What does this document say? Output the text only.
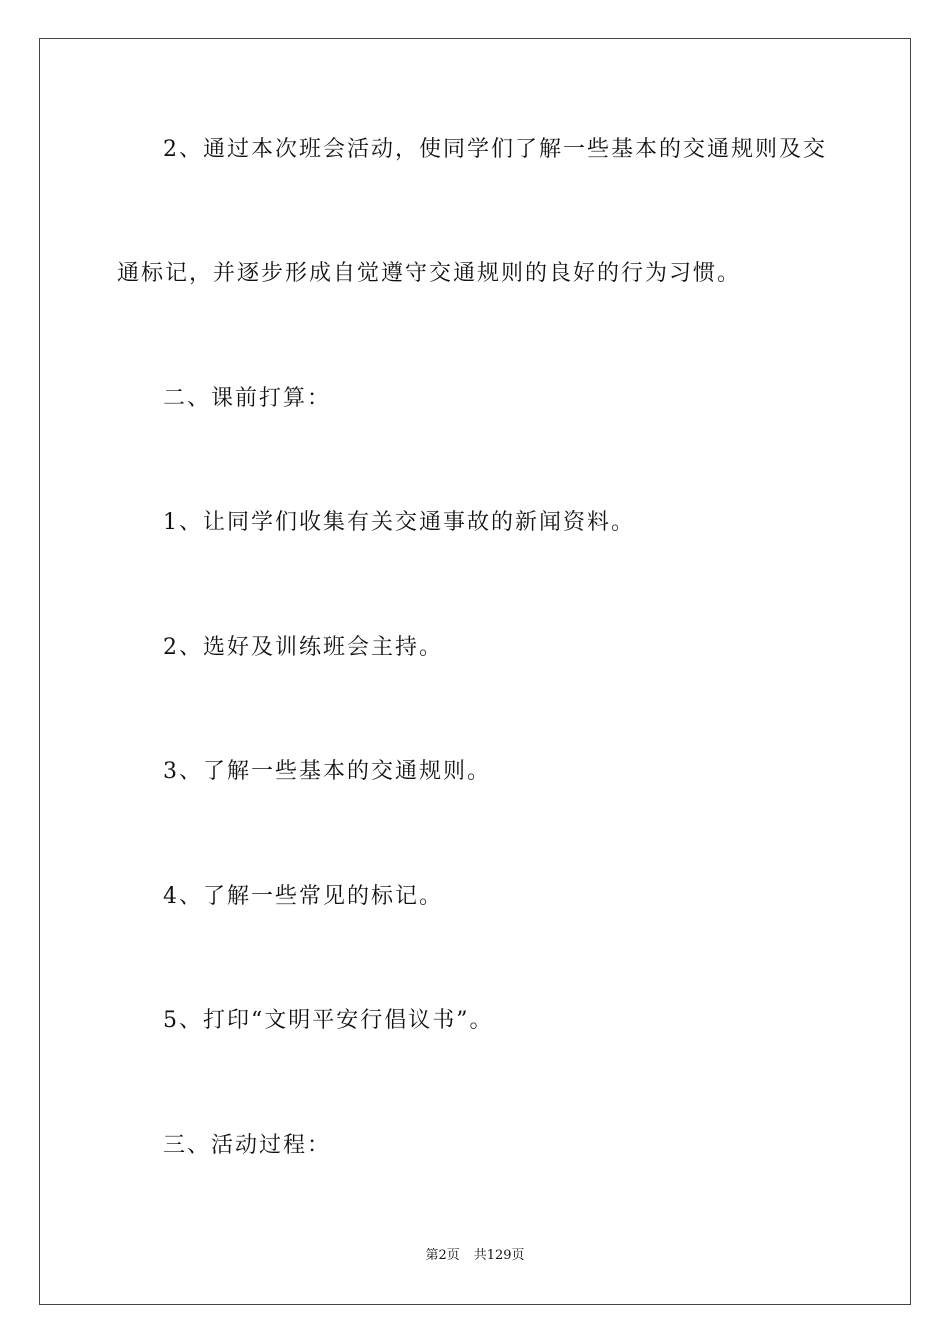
2、通过本次班会活动，使同学们了解一些基本的交通规则及交
通标记，并逐步形成自觉遵守交通规则的良好的行为习惯。
二、课前打算：
1、让同学们收集有关交通事故的新闻资料。
2、选好及训练班会主持。
3、了解一些基本的交通规则。
4、了解一些常见的标记。
5、打印“文明平安行倡议书”。
三、活动过程：
第2页 共129页
